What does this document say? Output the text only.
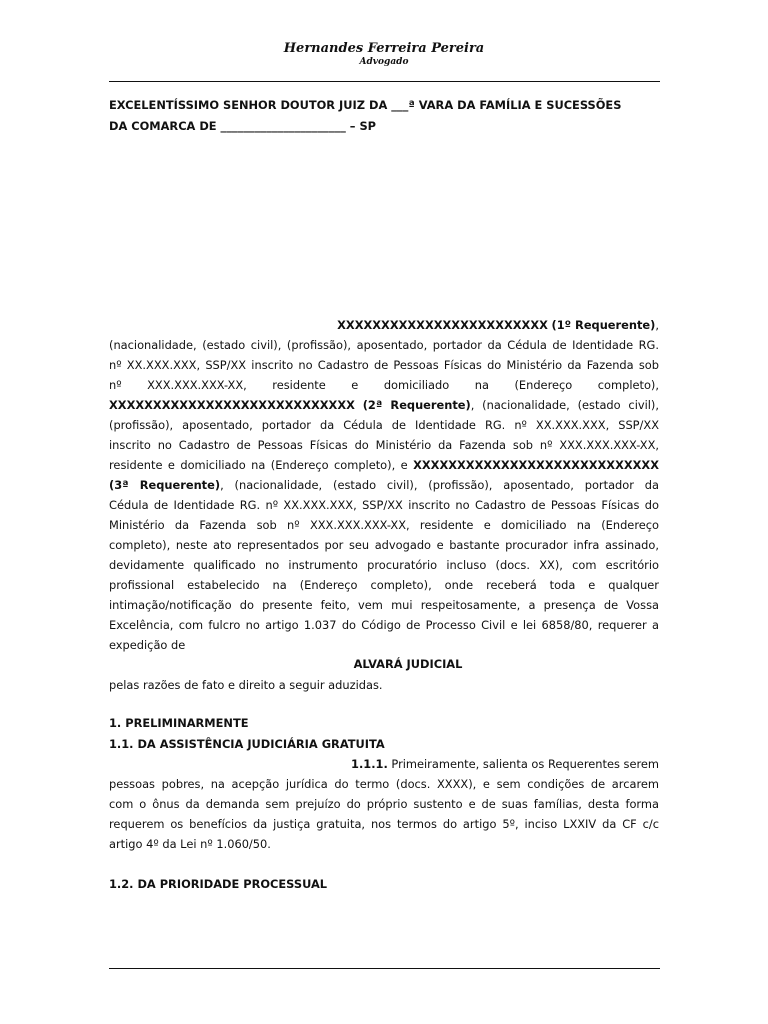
Hernandes Ferreira Pereira
Advogado
EXCELENTÍSSIMO SENHOR DOUTOR JUIZ DA ___ª VARA DA FAMÍLIA E SUCESSÕES
DA COMARCA DE ______________________ – SP
XXXXXXXXXXXXXXXXXXXXXXXX (1º Requerente),
(nacionalidade, (estado civil), (profissão), aposentado, portador da Cédula de Identidade RG.
nº XX.XXX.XXX, SSP/XX inscrito no Cadastro de Pessoas Físicas do Ministério da Fazenda sob
nº XXX.XXX.XXX-XX, residente e domiciliado na (Endereço completo),
XXXXXXXXXXXXXXXXXXXXXXXXXXXX (2ª Requerente), (nacionalidade, (estado civil),
(profissão), aposentado, portador da Cédula de Identidade RG. nº XX.XXX.XXX, SSP/XX
inscrito no Cadastro de Pessoas Físicas do Ministério da Fazenda sob nº XXX.XXX.XXX-XX,
residente e domiciliado na (Endereço completo), e XXXXXXXXXXXXXXXXXXXXXXXXXXXX
(3ª Requerente), (nacionalidade, (estado civil), (profissão), aposentado, portador da
Cédula de Identidade RG. nº XX.XXX.XXX, SSP/XX inscrito no Cadastro de Pessoas Físicas do
Ministério da Fazenda sob nº XXX.XXX.XXX-XX, residente e domiciliado na (Endereço
completo), neste ato representados por seu advogado e bastante procurador infra assinado,
devidamente qualificado no instrumento procuratório incluso (docs. XX), com escritório
profissional estabelecido na (Endereço completo), onde receberá toda e qualquer
intimação/notificação do presente feito, vem mui respeitosamente, a presença de Vossa
Excelência, com fulcro no artigo 1.037 do Código de Processo Civil e lei 6858/80, requerer a
expedição de
ALVARÁ JUDICIAL
pelas razões de fato e direito a seguir aduzidas.
1. PRELIMINARMENTE
1.1. DA ASSISTÊNCIA JUDICIÁRIA GRATUITA
1.1.1. Primeiramente, salienta os Requerentes serem
pessoas pobres, na acepção jurídica do termo (docs. XXXX), e sem condições de arcarem
com o ônus da demanda sem prejuízo do próprio sustento e de suas famílias, desta forma
requerem os benefícios da justiça gratuita, nos termos do artigo 5º, inciso LXXIV da CF c/c
artigo 4º da Lei nº 1.060/50.
1.2. DA PRIORIDADE PROCESSUAL
